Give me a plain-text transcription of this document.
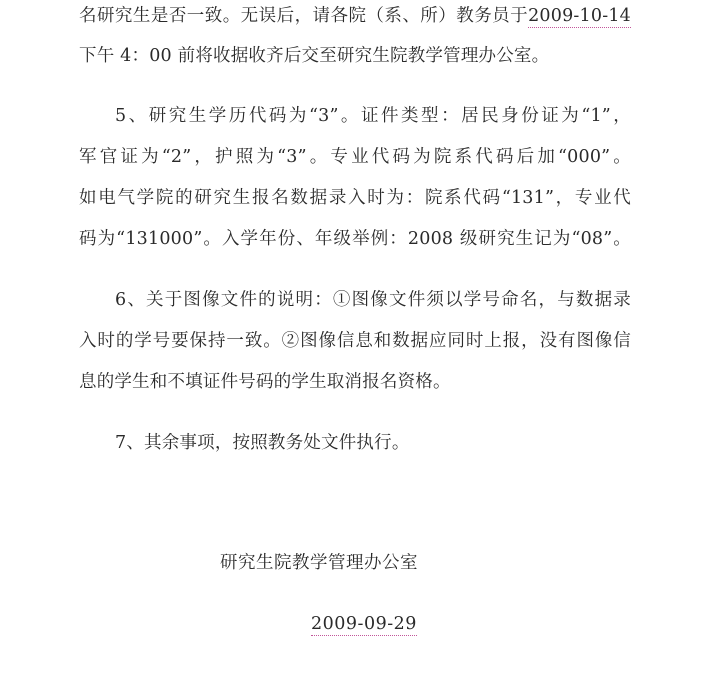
名研究生是否一致。无误后，请各院（系、所）教务员于2009-10-14
下午 4：00 前将收据收齐后交至研究生院教学管理办公室。
5、研究生学历代码为“3”。证件类型：居民身份证为“1”，
军官证为“2”，护照为“3”。专业代码为院系代码后加“000”。
如电气学院的研究生报名数据录入时为：院系代码“131”，专业代
码为“131000”。入学年份、年级举例：2008 级研究生记为“08”。
6、关于图像文件的说明：①图像文件须以学号命名，与数据录
入时的学号要保持一致。②图像信息和数据应同时上报，没有图像信
息的学生和不填证件号码的学生取消报名资格。
7、其余事项，按照教务处文件执行。
研究生院教学管理办公室
2009-09-29
